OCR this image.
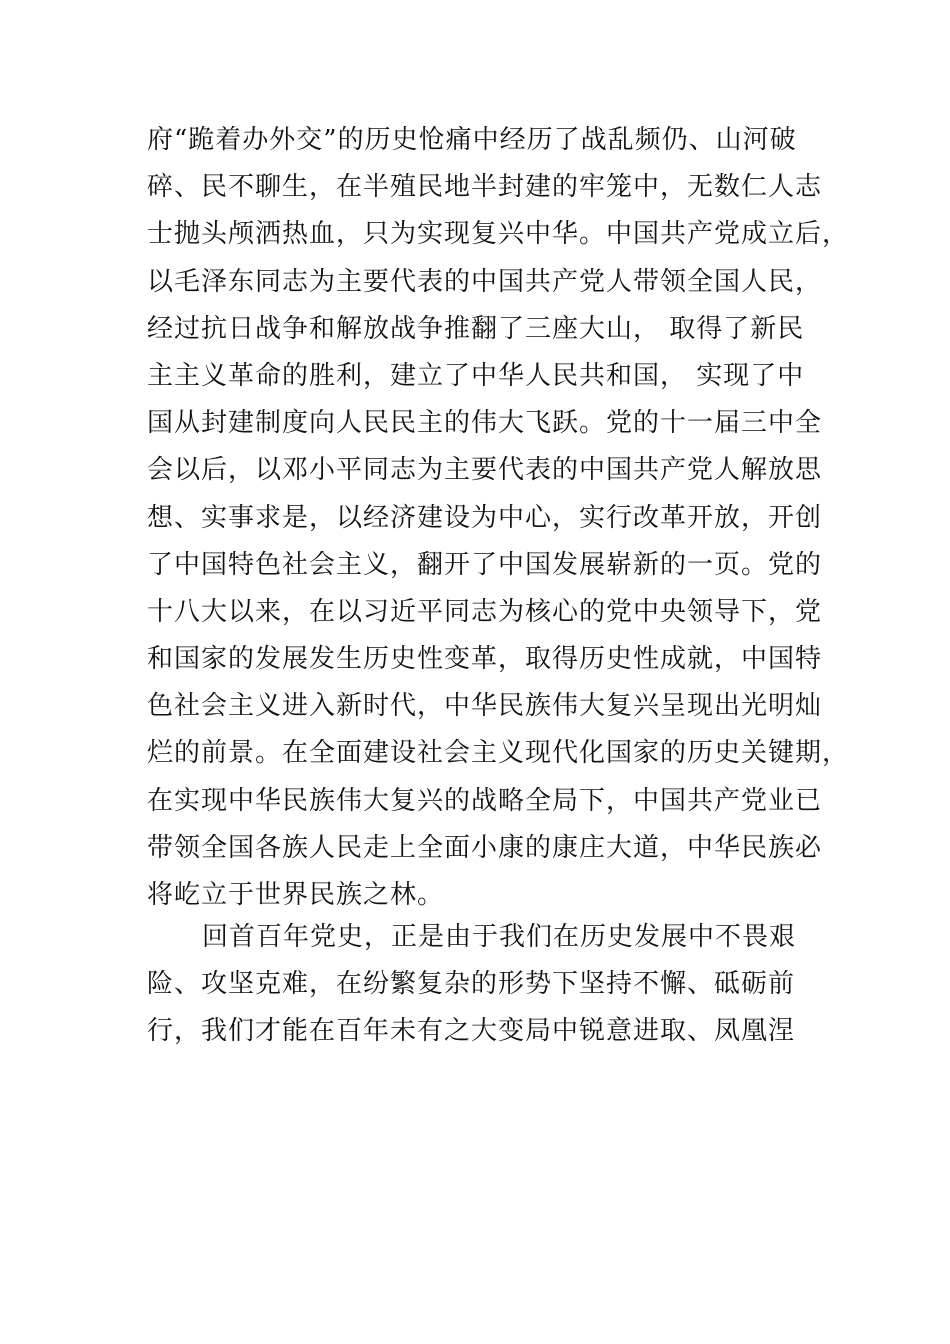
府“跪着办外交”的历史怆痛中经历了战乱频仍、山河破
碎、民不聊生，在半殖民地半封建的牢笼中，无数仁人志
士抛头颅洒热血，只为实现复兴中华。中国共产党成立后，
以毛泽东同志为主要代表的中国共产党人带领全国人民，
经过抗日战争和解放战争推翻了三座大山， 取得了新民
主主义革命的胜利，建立了中华人民共和国， 实现了中
国从封建制度向人民民主的伟大飞跃。党的十一届三中全
会以后，以邓小平同志为主要代表的中国共产党人解放思
想、实事求是，以经济建设为中心，实行改革开放，开创
了中国特色社会主义，翻开了中国发展崭新的一页。党的
十八大以来，在以习近平同志为核心的党中央领导下，党
和国家的发展发生历史性变革，取得历史性成就，中国特
色社会主义进入新时代，中华民族伟大复兴呈现出光明灿
烂的前景。在全面建设社会主义现代化国家的历史关键期，
在实现中华民族伟大复兴的战略全局下，中国共产党业已
带领全国各族人民走上全面小康的康庄大道，中华民族必
将屹立于世界民族之林。
回首百年党史，正是由于我们在历史发展中不畏艰
险、攻坚克难，在纷繁复杂的形势下坚持不懈、砥砺前
行，我们才能在百年未有之大变局中锐意进取、凤凰涅
